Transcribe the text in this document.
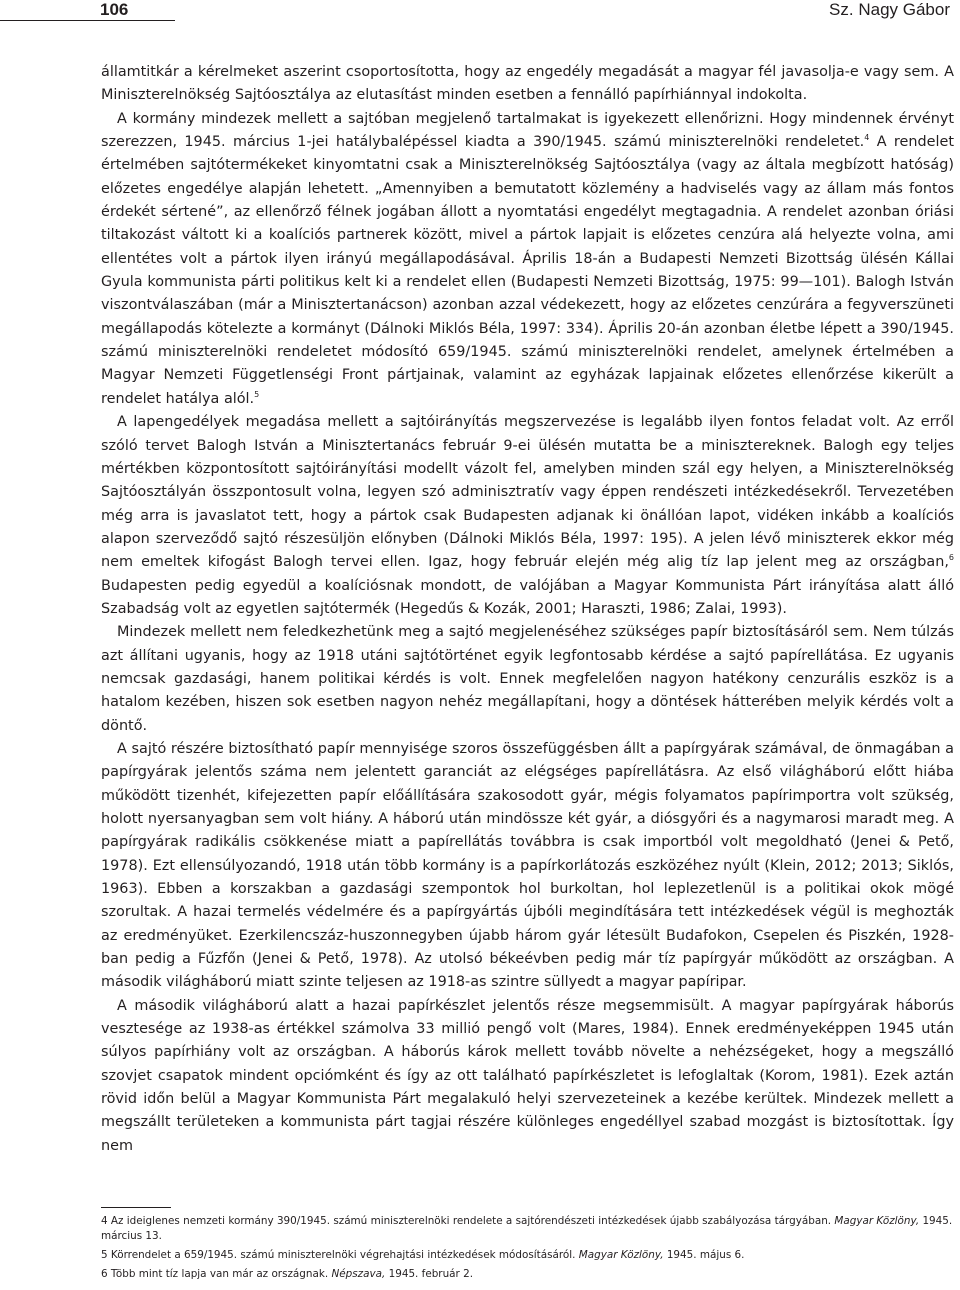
106	Sz. Nagy Gábor

államtitkár a kérelmeket aszerint csoportosította, hogy az engedély megadását a magyar fél javasolja-e vagy sem. A Miniszterelnökség Sajtóosztálya az elutasítást minden esetben a fennálló papírhiánnyal indokolta.

A kormány mindezek mellett a sajtóban megjelenő tartalmakat is igyekezett ellenőrizni. Hogy mindennek érvényt szerezzen, 1945. március 1-jei hatálybalépéssel kiadta a 390/1945. számú miniszterelnöki rendeletet.$^4$ A rendelet értelmében sajtótermékeket kinyomtatni csak a Miniszterelnökség Sajtóosztálya (vagy az általa megbízott hatóság) előzetes engedélye alapján lehetett. „Amennyiben a bemutatott közlemény a hadviselés vagy az állam más fontos érdekét sértené”, az ellenőrző félnek jogában állott a nyomtatási engedélyt megtagadnia. A rendelet azonban óriási tiltakozást váltott ki a koalíciós partnerek között, mivel a pártok lapjait is előzetes cenzúra alá helyezte volna, ami ellentétes volt a pártok ilyen irányú megállapodásával. Április 18-án a Budapesti Nemzeti Bizottság ülésén Kállai Gyula kommunista párti politikus kelt ki a rendelet ellen (Budapesti Nemzeti Bizottság, 1975: 99—101). Balogh István viszontválaszában (már a Minisztertanácson) azonban azzal védekezett, hogy az előzetes cenzúrára a fegyverszüneti megállapodás kötelezte a kormányt (Dálnoki Miklós Béla, 1997: 334). Április 20-án azonban életbe lépett a 390/1945. számú miniszterelnöki rendeletet módosító 659/1945. számú miniszterelnöki rendelet, amelynek értelmében a Magyar Nemzeti Függetlenségi Front pártjainak, valamint az egyházak lapjainak előzetes ellenőrzése kikerült a rendelet hatálya alól.$^5$

A lapengedélyek megadása mellett a sajtóirányítás megszervezése is legalább ilyen fontos feladat volt. Az erről szóló tervet Balogh István a Minisztertanács február 9-ei ülésén mutatta be a minisztereknek. Balogh egy teljes mértékben központosított sajtóirányítási modellt vázolt fel, amelyben minden szál egy helyen, a Miniszterelnökség Sajtóosztályán összpontosult volna, legyen szó adminisztratív vagy éppen rendészeti intézkedésekről. Tervezetében még arra is javaslatot tett, hogy a pártok csak Budapesten adjanak ki önállóan lapot, vidéken inkább a koalíciós alapon szerveződő sajtó részesüljön előnyben (Dálnoki Miklós Béla, 1997: 195). A jelen lévő miniszterek ekkor még nem emeltek kifogást Balogh tervei ellen. Igaz, hogy február elején még alig tíz lap jelent meg az országban,$^6$ Budapesten pedig egyedül a koalíciósnak mondott, de valójában a Magyar Kommunista Párt irányítása alatt álló Szabadság volt az egyetlen sajtótermék (Hegedűs & Kozák, 2001; Haraszti, 1986; Zalai, 1993).

Mindezek mellett nem feledkezhetünk meg a sajtó megjelenéséhez szükséges papír biztosításáról sem. Nem túlzás azt állítani ugyanis, hogy az 1918 utáni sajtótörténet egyik legfontosabb kérdése a sajtó papírellátása. Ez ugyanis nemcsak gazdasági, hanem politikai kérdés is volt. Ennek megfelelően nagyon hatékony cenzurális eszköz is a hatalom kezében, hiszen sok esetben nagyon nehéz megállapítani, hogy a döntések hátterében melyik kérdés volt a döntő.

A sajtó részére biztosítható papír mennyisége szoros összefüggésben állt a papírgyárak számával, de önmagában a papírgyárak jelentős száma nem jelentett garanciát az elégséges papírellátásra. Az első világháború előtt hiába működött tizenhét, kifejezetten papír előállítására szakosodott gyár, mégis folyamatos papírimportra volt szükség, holott nyersanyagban sem volt hiány. A háború után mindössze két gyár, a diósgyőri és a nagymarosi maradt meg. A papírgyárak radikális csökkenése miatt a papírellátás továbbra is csak importból volt megoldható (Jenei & Pető, 1978). Ezt ellensúlyozandó, 1918 után több kormány is a papírkorlátozás eszközéhez nyúlt (Klein, 2012; 2013; Siklós, 1963). Ebben a korszakban a gazdasági szempontok hol burkoltan, hol leplezetlenül is a politikai okok mögé szorultak. A hazai termelés védelmére és a papírgyártás újbóli megindítására tett intézkedések végül is meghozták az eredményüket. Ezerkilencszáz-huszonnegyben újabb három gyár létesült Budafokon, Csepelen és Piszkén, 1928-ban pedig a Fűzfőn (Jenei & Pető, 1978). Az utolsó békeévben pedig már tíz papírgyár működött az országban. A második világháború miatt szinte teljesen az 1918-as szintre süllyedt a magyar papíripar.

A második világháború alatt a hazai papírkészlet jelentős része megsemmisült. A magyar papírgyárak háborús vesztesége az 1938-as értékkel számolva 33 millió pengő volt (Mares, 1984). Ennek eredményeképpen 1945 után súlyos papírhiány volt az országban. A háborús károk mellett tovább növelte a nehézségeket, hogy a megszálló szovjet csapatok mindent opciómként és így az ott található papírkészletet is lefoglaltak (Korom, 1981). Ezek aztán rövid időn belül a Magyar Kommunista Párt megalakuló helyi szervezeteinek a kezébe kerültek. Mindezek mellett a megszállt területeken a kommunista párt tagjai részére különleges engedéllyel szabad mozgást is biztosítottak. Így nem

4 Az ideiglenes nemzeti kormány 390/1945. számú miniszterelnöki rendelete a sajtórendészeti intézkedések újabb szabályozása tárgyában. Magyar Közlöny, 1945. március 13.

5 Körrendelet a 659/1945. számú miniszterelnöki végrehajtási intézkedések módosításáról. Magyar Közlöny, 1945. május 6.

6 Több mint tíz lapja van már az országnak. Népszava, 1945. február 2.
